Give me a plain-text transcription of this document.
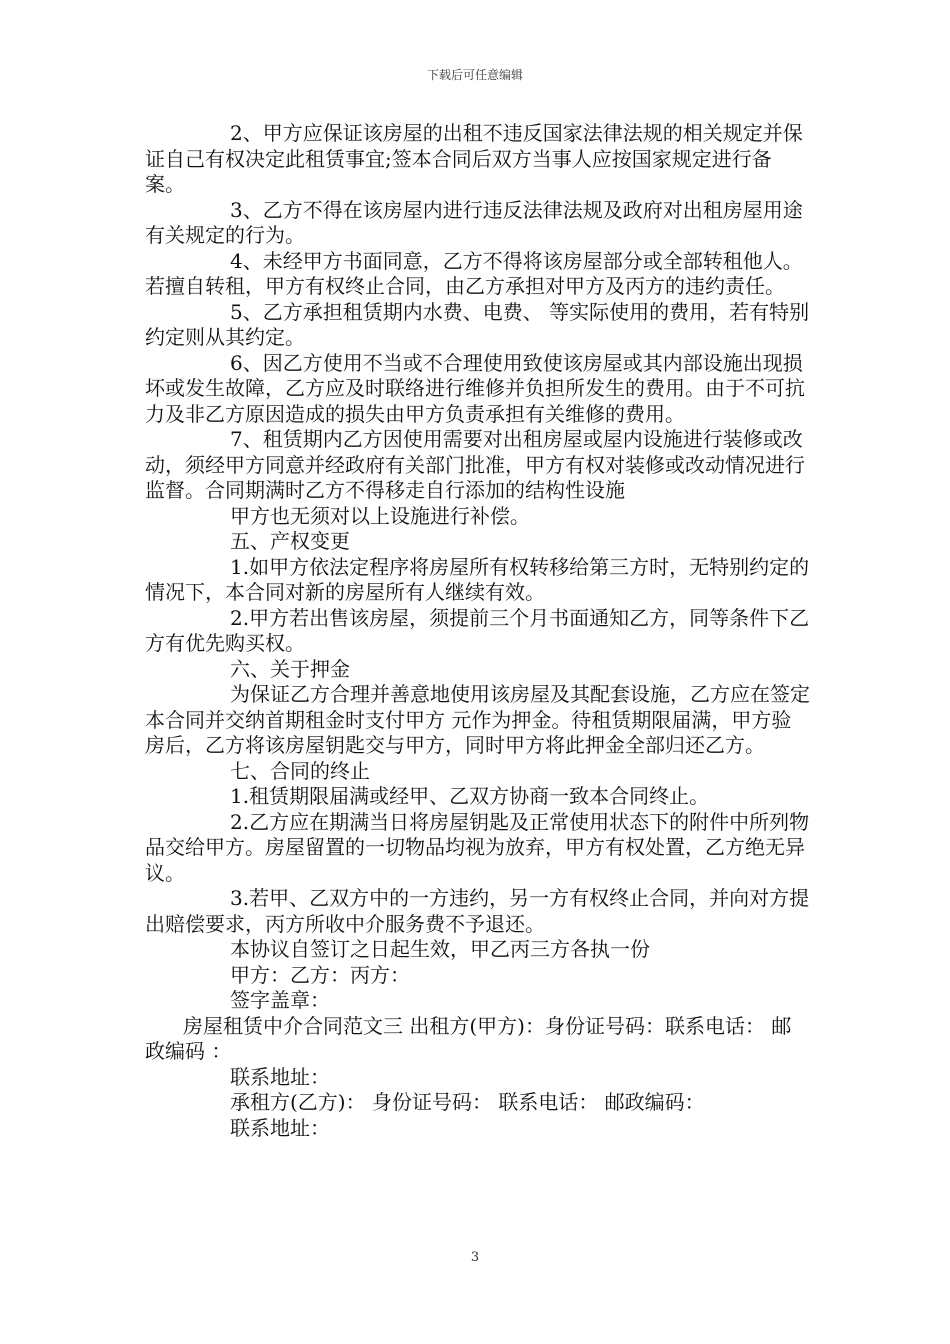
下载后可任意编辑

2、甲方应保证该房屋的出租不违反国家法律法规的相关规定并保证自己有权决定此租赁事宜;签本合同后双方当事人应按国家规定进行备案。

3、乙方不得在该房屋内进行违反法律法规及政府对出租房屋用途有关规定的行为。

4、未经甲方书面同意，乙方不得将该房屋部分或全部转租他人。若擅自转租，甲方有权终止合同，由乙方承担对甲方及丙方的违约责任。

5、乙方承担租赁期内水费、电费、 等实际使用的费用，若有特别约定则从其约定。

6、因乙方使用不当或不合理使用致使该房屋或其内部设施出现损坏或发生故障，乙方应及时联络进行维修并负担所发生的费用。由于不可抗力及非乙方原因造成的损失由甲方负责承担有关维修的费用。

7、租赁期内乙方因使用需要对出租房屋或屋内设施进行装修或改动，须经甲方同意并经政府有关部门批准，甲方有权对装修或改动情况进行监督。合同期满时乙方不得移走自行添加的结构性设施

甲方也无须对以上设施进行补偿。

五、产权变更

1.如甲方依法定程序将房屋所有权转移给第三方时，无特别约定的情况下，本合同对新的房屋所有人继续有效。

2.甲方若出售该房屋，须提前三个月书面通知乙方，同等条件下乙方有优先购买权。

六、关于押金

为保证乙方合理并善意地使用该房屋及其配套设施，乙方应在签定本合同并交纳首期租金时支付甲方 元作为押金。待租赁期限届满，甲方验房后，乙方将该房屋钥匙交与甲方，同时甲方将此押金全部归还乙方。

七、合同的终止

1.租赁期限届满或经甲、乙双方协商一致本合同终止。

2.乙方应在期满当日将房屋钥匙及正常使用状态下的附件中所列物品交给甲方。房屋留置的一切物品均视为放弃，甲方有权处置，乙方绝无异议。

3.若甲、乙双方中的一方违约，另一方有权终止合同，并向对方提出赔偿要求，丙方所收中介服务费不予退还。

本协议自签订之日起生效，甲乙丙三方各执一份

甲方：乙方：丙方：

签字盖章：

房屋租赁中介合同范文三 出租方(甲方)：身份证号码：联系电话： 邮政编码 ：

联系地址：

承租方(乙方)： 身份证号码： 联系电话： 邮政编码：

联系地址：

3
